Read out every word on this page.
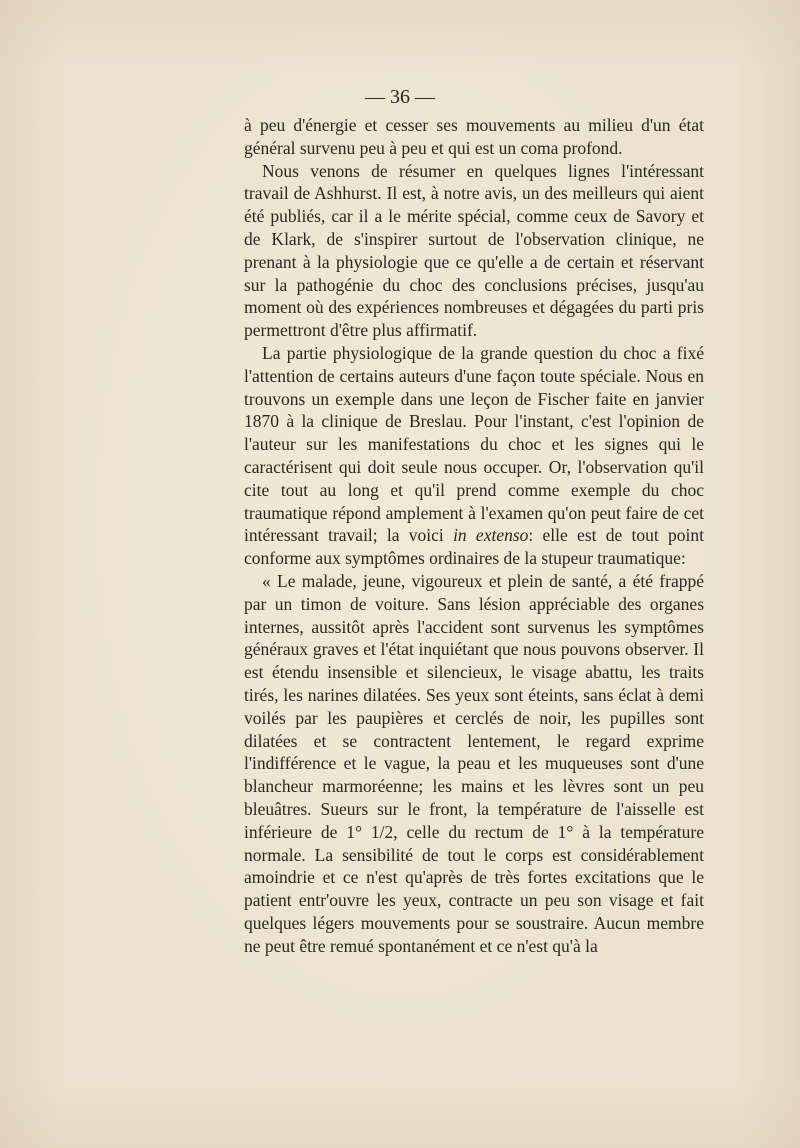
— 36 —

à peu d'énergie et cesser ses mouvements au milieu d'un état général survenu peu à peu et qui est un coma profond.

Nous venons de résumer en quelques lignes l'intéressant travail de Ashhurst. Il est, à notre avis, un des meilleurs qui aient été publiés, car il a le mérite spécial, comme ceux de Savory et de Klark, de s'inspirer surtout de l'observation clinique, ne prenant à la physiologie que ce qu'elle a de certain et réservant sur la pathogénie du choc des conclusions précises, jusqu'au moment où des expériences nombreuses et dégagées du parti pris permettront d'être plus affirmatif.

La partie physiologique de la grande question du choc a fixé l'attention de certains auteurs d'une façon toute spéciale. Nous en trouvons un exemple dans une leçon de Fischer faite en janvier 1870 à la clinique de Breslau. Pour l'instant, c'est l'opinion de l'auteur sur les manifestations du choc et les signes qui le caractérisent qui doit seule nous occuper. Or, l'observation qu'il cite tout au long et qu'il prend comme exemple du choc traumatique répond amplement à l'examen qu'on peut faire de cet intéressant travail; la voici in extenso: elle est de tout point conforme aux symptômes ordinaires de la stupeur traumatique:

« Le malade, jeune, vigoureux et plein de santé, a été frappé par un timon de voiture. Sans lésion appréciable des organes internes, aussitôt après l'accident sont survenus les symptômes généraux graves et l'état inquiétant que nous pouvons observer. Il est étendu insensible et silencieux, le visage abattu, les traits tirés, les narines dilatées. Ses yeux sont éteints, sans éclat à demi voilés par les paupières et cerclés de noir, les pupilles sont dilatées et se contractent lentement, le regard exprime l'indifférence et le vague, la peau et les muqueuses sont d'une blancheur marmoréenne; les mains et les lèvres sont un peu bleuâtres. Sueurs sur le front, la température de l'aisselle est inférieure de 1° 1/2, celle du rectum de 1° à la température normale. La sensibilité de tout le corps est considérablement amoindrie et ce n'est qu'après de très fortes excitations que le patient entr'ouvre les yeux, contracte un peu son visage et fait quelques légers mouvements pour se soustraire. Aucun membre ne peut être remué spontanément et ce n'est qu'à la
